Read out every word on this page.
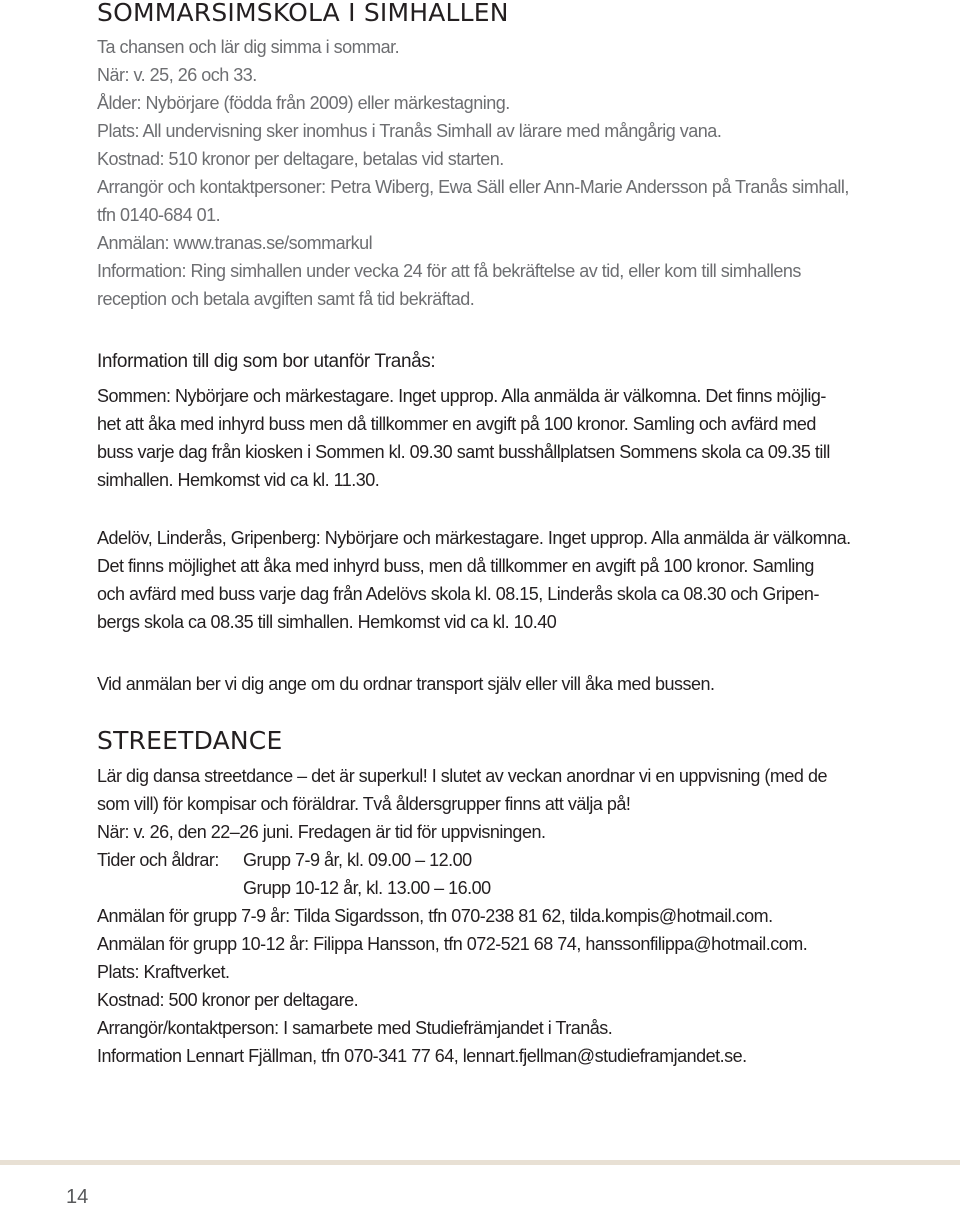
SOMMARSIMSKOLA I SIMHALLEN
Ta chansen och lär dig simma i sommar.
När: v. 25, 26 och 33.
Ålder: Nybörjare (födda från 2009) eller märkestagning.
Plats: All undervisning sker inomhus i Tranås Simhall av lärare med mångårig vana.
Kostnad: 510 kronor per deltagare, betalas vid starten.
Arrangör och kontaktpersoner: Petra Wiberg, Ewa Säll eller Ann-Marie Andersson på Tranås simhall,
tfn 0140-684 01.
Anmälan: www.tranas.se/sommarkul
Information: Ring simhallen under vecka 24 för att få bekräftelse av tid, eller kom till simhallens
reception och betala avgiften samt få tid bekräftad.
Information till dig som bor utanför Tranås:
Sommen: Nybörjare och märkestagare. Inget upprop. Alla anmälda är välkomna. Det finns möjlig-
het att åka med inhyrd buss men då tillkommer en avgift på 100 kronor. Samling och avfärd med
buss varje dag från kiosken i Sommen kl. 09.30 samt busshållplatsen Sommens skola ca 09.35 till
simhallen. Hemkomst vid ca kl. 11.30.
Adelöv, Linderås, Gripenberg: Nybörjare och märkestagare. Inget upprop. Alla anmälda är välkomna.
Det finns möjlighet att åka med inhyrd buss, men då tillkommer en avgift på 100 kronor. Samling
och avfärd med buss varje dag från Adelövs skola kl. 08.15, Linderås skola ca 08.30 och Gripen-
bergs skola ca 08.35 till simhallen. Hemkomst vid ca kl. 10.40
Vid anmälan ber vi dig ange om du ordnar transport själv eller vill åka med bussen.
STREETDANCE
Lär dig dansa streetdance – det är superkul! I slutet av veckan anordnar vi en uppvisning (med de
som vill) för kompisar och föräldrar. Två åldersgrupper finns att välja på!
När: v. 26, den 22–26 juni. Fredagen är tid för uppvisningen.
Tider och åldrar:	Grupp 7-9 år, kl. 09.00 – 12.00
Grupp 10-12 år, kl. 13.00 – 16.00
Anmälan för grupp 7-9 år: Tilda Sigardsson, tfn 070-238 81 62, tilda.kompis@hotmail.com.
Anmälan för grupp 10-12 år: Filippa Hansson, tfn 072-521 68 74, hanssonfilippa@hotmail.com.
Plats: Kraftverket.
Kostnad: 500 kronor per deltagare.
Arrangör/kontaktperson: I samarbete med Studiefrämjandet i Tranås.
Information Lennart Fjällman, tfn 070-341 77 64, lennart.fjellman@studieframjandet.se.
14
